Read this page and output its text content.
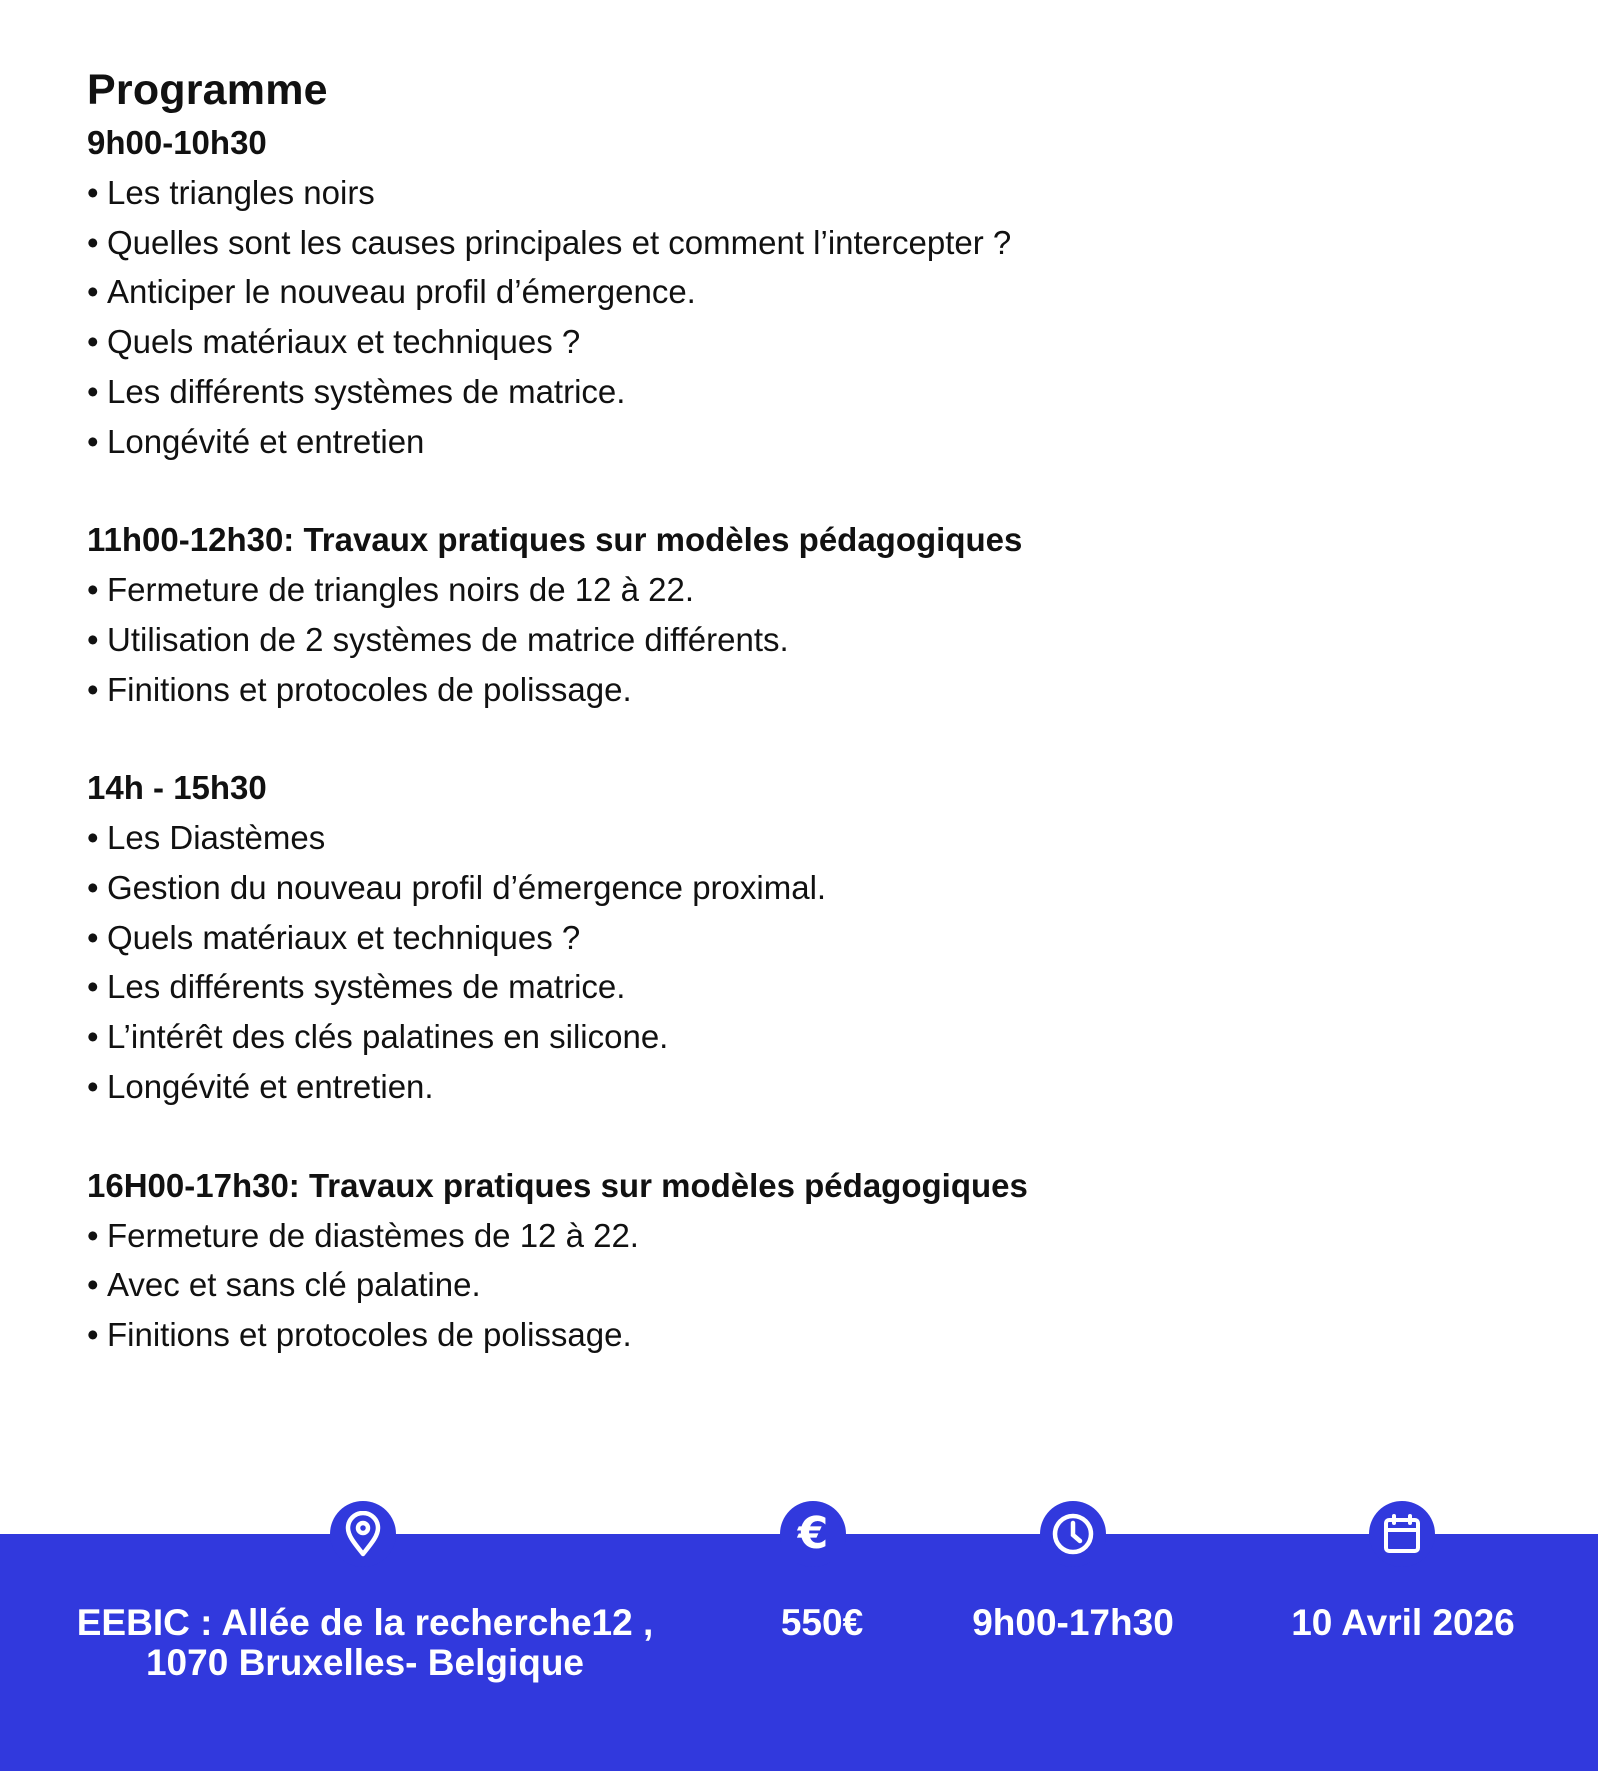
Programme
9h00-10h30
• Les triangles noirs
• Quelles sont les causes principales et comment l’intercepter ?
• Anticiper le nouveau profil d’émergence.
• Quels matériaux et techniques ?
• Les différents systèmes de matrice.
• Longévité et entretien
11h00-12h30: Travaux pratiques sur modèles pédagogiques
• Fermeture de triangles noirs de 12 à 22.
• Utilisation de 2 systèmes de matrice différents.
• Finitions et protocoles de polissage.
14h - 15h30
• Les Diastèmes
• Gestion du nouveau profil d’émergence proximal.
• Quels matériaux et techniques ?
• Les différents systèmes de matrice.
• L’intérêt des clés palatines en silicone.
• Longévité et entretien.
16H00-17h30: Travaux pratiques sur modèles pédagogiques
• Fermeture de diastèmes de 12 à 22.
• Avec et sans clé palatine.
• Finitions et protocoles de polissage.
EEBIC : Allée de la recherche12 ,
1070 Bruxelles- Belgique
€
550€	9h00-17h30	10 Avril 2026
